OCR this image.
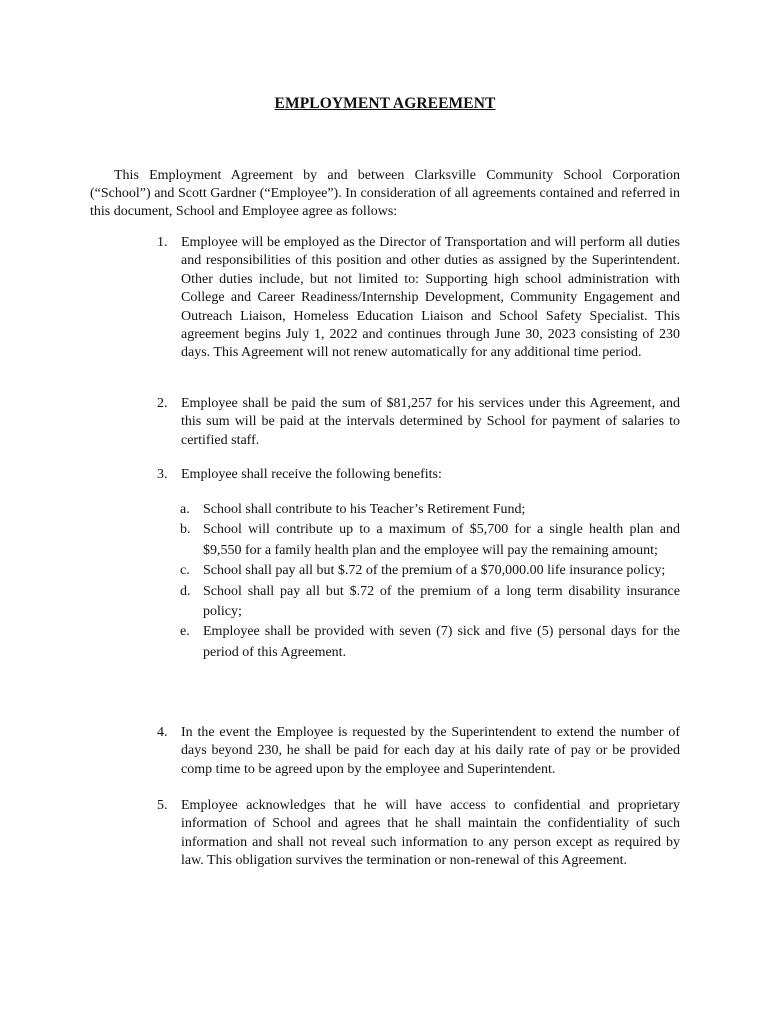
EMPLOYMENT AGREEMENT

This Employment Agreement by and between Clarksville Community School Corporation (“School”) and Scott Gardner (“Employee”). In consideration of all agreements contained and referred in this document, School and Employee agree as follows:

1. Employee will be employed as the Director of Transportation and will perform all duties and responsibilities of this position and other duties as assigned by the Superintendent. Other duties include, but not limited to: Supporting high school administration with College and Career Readiness/Internship Development, Community Engagement and Outreach Liaison, Homeless Education Liaison and School Safety Specialist. This agreement begins July 1, 2022 and continues through June 30, 2023 consisting of 230 days. This Agreement will not renew automatically for any additional time period.
2. Employee shall be paid the sum of $81,257 for his services under this Agreement, and this sum will be paid at the intervals determined by School for payment of salaries to certified staff.
3. Employee shall receive the following benefits:
a. School shall contribute to his Teacher’s Retirement Fund;
b. School will contribute up to a maximum of $5,700 for a single health plan and $9,550 for a family health plan and the employee will pay the remaining amount;
c. School shall pay all but $.72 of the premium of a $70,000.00 life insurance policy;
d. School shall pay all but $.72 of the premium of a long term disability insurance policy;
e. Employee shall be provided with seven (7) sick and five (5) personal days for the period of this Agreement.
4. In the event the Employee is requested by the Superintendent to extend the number of days beyond 230, he shall be paid for each day at his daily rate of pay or be provided comp time to be agreed upon by the employee and Superintendent.
5. Employee acknowledges that he will have access to confidential and proprietary information of School and agrees that he shall maintain the confidentiality of such information and shall not reveal such information to any person except as required by law. This obligation survives the termination or non-renewal of this Agreement.
